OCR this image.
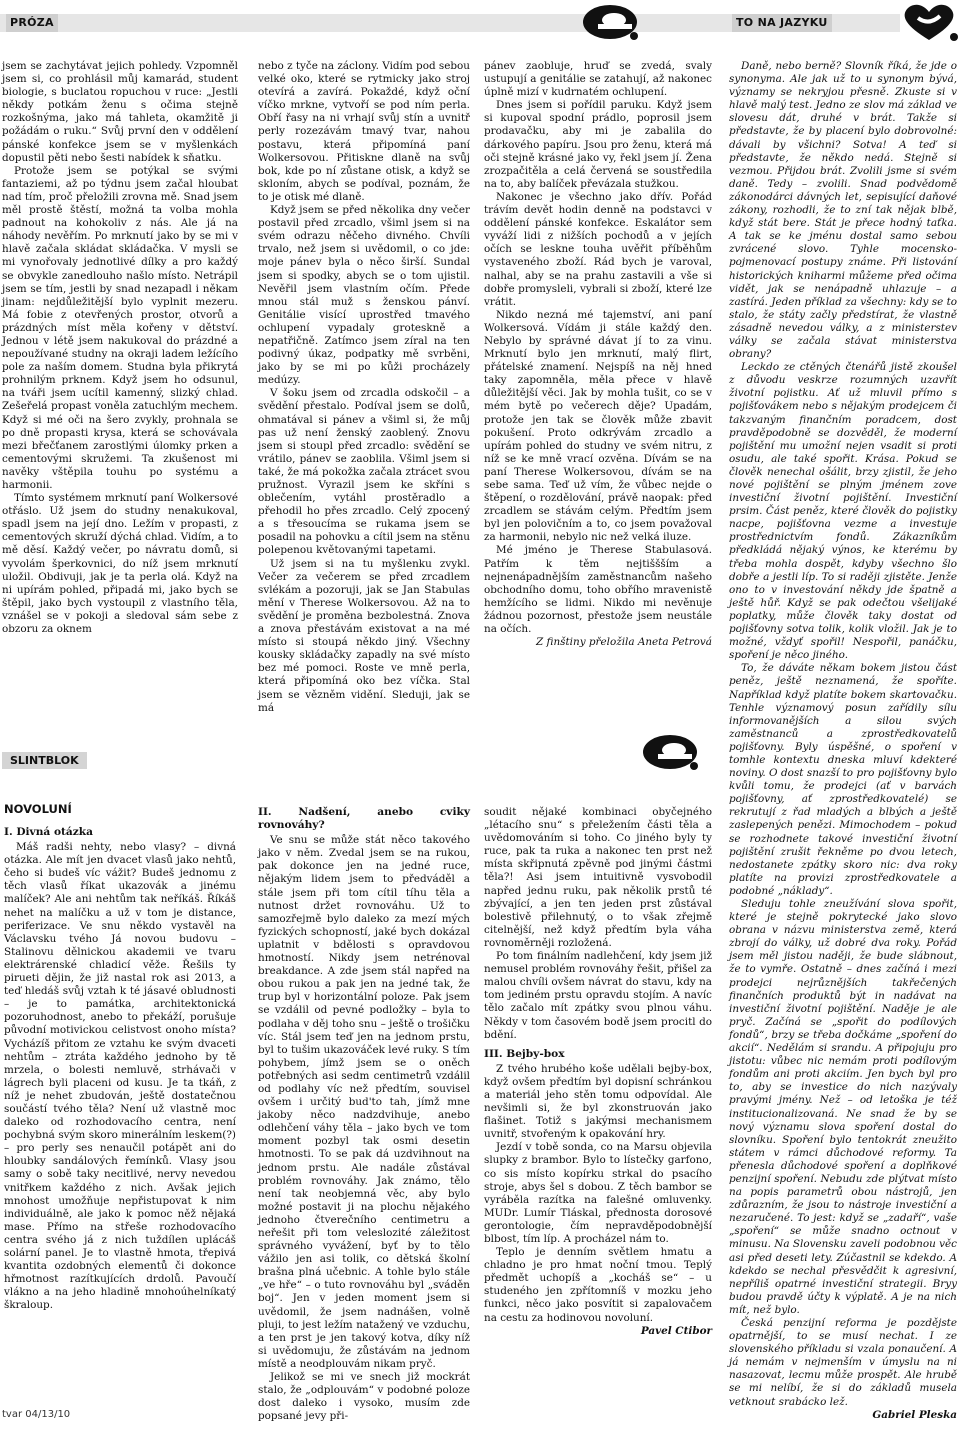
PRÓZA	TO NA JAZYKU

jsem se zachytávat jejich pohledy. Vzpomněl jsem si, co prohlásil můj kamarád, student biologie, s buclatou ropuchou v ruce: „Jestli někdy potkám ženu s očima stejně rozkošnýma, jako má tahleta, okamžitě ji požádám o ruku.“ Svůj první den v oddělení pánské konfekce jsem se v myšlenkách dopustil pěti nebo šesti nabídek k sňatku.

Protože jsem se potýkal se svými fantaziemi, až po týdnu jsem začal hloubat nad tím, proč přeložili zrovna mě. Snad jsem měl prostě štěstí, možná ta volba mohla padnout na kohokoliv z nás. Ale já na náhody nevěřím. Po mrknutí jako by se mi v hlavě začala skládat skládačka. V mysli se mi vynořovaly jednotlivé dílky a pro každý se obvykle zanedlouho našlo místo. Netrápil jsem se tím, jestli by snad nezapadl i někam jinam: nejdůležitější bylo vyplnit mezeru. Má fobie z otevřených prostor, otvorů a prázdných míst měla kořeny v dětství. Jednou v létě jsem nakukoval do prázdné a nepoužívané studny na okraji ladem ležícího pole za naším domem. Studna byla přikrytá prohnilým prknem. Když jsem ho odsunul, na tváři jsem ucítil kamenný, slizký chlad. Zešeřelá propast voněla zatuchlým mechem. Když si mé oči na šero zvykly, prohnala se po dně propasti krysa, která se schovávala mezi břečťanem zarostlými úlomky prken a cementovými skružemi. Ta zkušenost mi navěky vštěpila touhu po systému a harmonii.

Tímto systémem mrknutí paní Wolkersové otřáslo. Už jsem do studny nenakukoval, spadl jsem na její dno. Ležím v propasti, z cementových skruží dýchá chlad. Vidím, a to mě děsí. Každý večer, po návratu domů, si vyvolám šperkovnici, do níž jsem mrknutí uložil. Obdivuji, jak je ta perla olá. Když na ni upírám pohled, připadá mi, jako bych se štěpil, jako bych vystoupil z vlastního těla, vznášel se v pokoji a sledoval sám sebe z obzoru za oknem

nebo z tyče na záclony. Vidím pod sebou velké oko, které se rytmicky jako stroj otevírá a zavírá. Pokaždé, když oční víčko mrkne, vytvoří se pod ním perla. Obří řasy na ni vrhají svůj stín a uvnitř perly rozezávám tmavý tvar, nahou postavu, která připomíná paní Wolkersovou. Přitiskne dlaně na svůj bok, kde po ní zůstane otisk, a když se skloním, abych se podíval, poznám, že to je otisk mé dlaně.

Když jsem se před několika dny večer postavil před zrcadlo, všiml jsem si na svém odrazu něčeho divného. Chvíli trvalo, než jsem si uvědomil, o co jde: moje pánev byla o něco širší. Sundal jsem si spodky, abych se o tom ujistil. Nevěřil jsem vlastním očím. Přede mnou stál muž s ženskou pánví. Genitálie visící uprostřed tmavého ochlupení vypadaly groteskně a nepatřičně. Zatímco jsem zíral na ten podivný úkaz, podpatky mě svrběni, jako by se mi po kůži procházely medúzy.

V šoku jsem od zrcadla odskočil – a svědění přestalo. Podíval jsem se dolů, ohmatával si pánev a všiml si, že můj pas už není ženský zaoblený. Znovu jsem si stoupl před zrcadlo: svědění se vrátilo, pánev se zaoblila. Všiml jsem si také, že má pokožka začala ztrácet svou pružnost. Vyrazil jsem ke skříni s oblečením, vytáhl prostěradlo a přehodil ho přes zrcadlo. Celý zpocený a s třesoucíma se rukama jsem se posadil na pohovku a cítil jsem na stěnu polepenou květovanými tapetami.

Už jsem si na tu myšlenku zvykl. Večer za večerem se před zrcadlem svlékám a pozoruji, jak se Jan Stabulas mění v Therese Wolkersovou. Až na to svědění je proměna bezbolestná. Znova a znova přestávám existovat a na mé místo si stoupá někdo jiný. Všechny kousky skládačky zapadly na své místo bez mé pomoci. Roste ve mně perla, která připomíná oko bez víčka. Stal jsem se vězněm vidění. Sleduji, jak se má

pánev zaobluje, hruď se zvedá, svaly ustupují a genitálie se zatahují, až nakonec úplně mizí v kudrnatém ochlupení.

Dnes jsem si pořídil paruku. Když jsem si kupoval spodní prádlo, poprosil jsem prodavačku, aby mi je zabalila do dárkového papíru. Jsou pro ženu, která má oči stejně krásné jako vy, řekl jsem jí. Žena zrozpačitěla a celá červená se soustředila na to, aby balíček převázala stužkou.

Nakonec je všechno jako dřív. Pořád trávím devět hodin denně na podstavci v oddělení pánské konfekce. Eskalátor sem vyváží lidi z nižších pochodů a v jejích očích se leskne touha uvěřit příběhům vystaveného zboží. Rád bych je varoval, nalhal, aby se na prahu zastavili a vše si dobře promysleli, vybrali si zboží, které lze vrátit.

Nikdo nezná mé tajemství, ani paní Wolkersová. Vídám ji stále každý den. Nebylo by správné dávat jí to za vinu. Mrknutí bylo jen mrknutí, malý flirt, přátelské znamení. Nejspíš na něj hned taky zapomněla, měla přece v hlavě důležitější věci. Jak by mohla tušit, co se v mém bytě po večerech děje? Upadám, protože jen tak se člověk může zbavit pokušení. Proto odkrývám zrcadlo a upírám pohled do studny ve svém nitru, z níž se ke mně vrací ozvěna. Dívám se na paní Therese Wolkersovou, dívám se na sebe sama. Teď už vím, že vůbec nejde o štěpení, o rozdělování, právě naopak: před zrcadlem se stávám celým. Předtím jsem byl jen polovičním a to, co jsem považoval za harmonii, nebylo nic než velká iluze.

Mé jméno je Therese Stabulasová. Patřím k těm nejtiššším a nejnenápadnějším zaměstnancům našeho obchodního domu, toho obřího mravenistě hemžícího se lidmi. Nikdo mi nevěnuje žádnou pozornost, přestože jsem neustále na očích.

Z finštiny přeložila Aneta Petrová

SLINTBLOK
NOVOLUNÍ
I. Divná otázka

Máš radši nehty, nebo vlasy? – divná otázka. Ale mít jen dvacet vlasů jako nehtů, čeho si budeš víc vážit? Budeš jednomu z těch vlasů říkat ukazovák a jinému malíček? Ale ani nehtům tak neříkáš. Říkáš nehet na malíčku a už v tom je distance, periferizace. Ve snu někdo vystavěl na Václavsku tvého Já novou budovu – Stalinovu dělnickou akademii ve tvaru elektrárenské chladicí věže. Řešils ty pirueti dějin, že již nastal rok asi 2013, a teď hledáš svůj vztah k té jásavé obludnosti – je to památka, architektonická pozoruhodnost, anebo to překáží, porušuje původní motivickou celistvost onoho místa? Vycházíš přitom ze vztahu ke svým dvaceti nehtům – ztráta každého jednoho by tě mrzela, o bolesti nemluvě, strhávači v lágrech byli placeni od kusu. Je ta tkáň, z níž je nehet zbudován, ještě dostatečnou součástí tvého těla? Není už vlastně moc daleko od rozhodovacího centra, není pochybná svým skoro minerálním leskem(?) – pro perly ses nenaučil potápět ani do hloubky sandálových řemínků. Vlasy jsou samy o sobě taky necitlivé, nervy nevedou vnitřkem každého z nich. Avšak jejich mnohost umožňuje nepřistupovat k nim individuálně, ale jako k pomoc něž nějaká mase. Přímo na střeše rozhodovacího centra svého já z nich tuždílen uplácáš solární panel. Je to vlastně hmota, třepivá kvantita ozdobných elementů či dokonce hřmotnost razítkujících drdolů. Pavoučí vlákno a na jeho hladině mnohoúhelníkatý škraloup.

II. Nadšení, anebo cviky rovnováhy?

Ve snu se může stát něco takového jako v něm. Zvedal jsem se na rukou, pak dokonce jen na jedné ruce, nějakým lidem jsem to předváděl a stále jsem při tom cítil tíhu těla a nutnost držet rovnováhu. Už to samozřejmě bylo daleko za mezí mých fyzických schopností, jaké bych dokázal uplatnit v bdělosti s opravdovou hmotností. Nikdy jsem netrénoval breakdance. A zde jsem stál napřed na obou rukou a pak jen na jedné tak, že trup byl v horizontální poloze. Pak jsem se vzdálil od pevné podložky – byla to podlaha v děj toho snu – ještě o trošičku víc. Stál jsem teď jen na jednom prstu, byl to tušim ukazováček levé ruky. S tím pohybem, jímž jsem se o oněch potřebných asi sedm centimetrů vzdálil od podlahy víc než předtím, souvisel ovšem i určitý bud'to tah, jímž mne jakoby něco nadzdvihuje, anebo odlehčení váhy těla – jako bych ve tom moment pozbyl tak osmi desetin hmotnosti. To se pak dá uzdvihnout na jednom prstu. Ale nadále zůstával problém rovnováhy. Jak známo, tělo není tak neobjemná věc, aby bylo možné postavit ji na plochu nějakého jednoho čtverečního centimetru a neřešit při tom veleslozité záležitost správného vyvážení, byť by to tělo vážilo jen asi tolik, co dětská školní brašna plná učebnic. A tohle bylo stále „ve hře“ – o tuto rovnováhu byl „sváděn boj“. Jen v jeden moment jsem si uvědomil, že jsem nadnášen, volně pluji, to jest ležím natažený ve vzduchu, a ten prst je jen takový kotva, díky níž si uvědomuju, že zůstávám na jednom místě a neodplouvám nikam pryč.

Jelikož se mi ve snech již mockrát stalo, že „odplouvám“ v podobné poloze dost daleko i vysoko, musím zde popsané jevy při-

soudit nějaké kombinaci obyčejného „létacího snu“ s přeležením části těla a uvědomováním si toho. Co jiného byly ty ruce, pak ta ruka a nakonec ten prst než místa skřipnutá zpěvně pod jinými částmi těla?! Asi jsem intuitivně vysvobodil napřed jednu ruku, pak několik prstů té zbývající, a jen ten jeden prst zůstával bolestivě přilehnutý, o to však zřejmě citelnější, než když předtím byla váha rovnoměrněji rozložená.

Po tom finálním nadlehčení, kdy jsem již nemusel problém rovnováhy řešit, přišel za malou chvíli ovšem návrat do stavu, kdy na tom jediném prstu opravdu stojím. A navíc tělo začalo mít zpátky svou plnou váhu. Někdy v tom časovém bodě jsem procitl do bdění.

III. Bejby-box

Z tvého hrubého koše udělali bejby-box, když ovšem předtím byl dopisní schránkou a materiál jeho stěn tomu odpovídal. Ale nevšimli si, že byl zkonstruován jako flašinet. Totiž s jakýmsi mechanismem uvnitř, stvořeným k opakování hry.

Jezdí v tobě sonda, co na Marsu objevila slupky z brambor. Bylo to lístečky garfono, co sis místo kopírku strkal do psacího stroje, abys šel s dobou. Z těch bambor se vyráběla razítka na falešné omluvenky. MUDr. Lumír Tláskal, přednosta dorosové gerontologie, čím nepravděpodobnější blbost, tím líp. A procházel nám to.

Teplo je denním světlem hmatu a chladno je pro hmat noční tmou. Teplý předmět uchopíš a „kocháš se“ – u studeného jen zpřítomníš v mozku jeho funkci, něco jako posvítit si zapalovačem na cestu za hodinovou novoluní.

Pavel Ctibor

Daně, nebo berně? Slovník říká, že jde o synonyma. Ale jak už to u synonym bývá, významy se nekryjou přesně. Zkuste si v hlavě malý test. Jedno ze slov má základ ve slovesu dát, druhé v brát. Takže si představte, že by placení bylo dobrovolné: dávali by všichni? Sotva! A teď si představte, že někdo nedá. Stejně si vezmou. Přijdou brát. Zvolili jsme si svém daně. Tedy – zvolili. Snad podvědomě zákonodárci dávných let, sepisující daňové zákony, rozhodli, že to zní tak nějak blbě, když stát bere. Stát je přece hodný taťka. A tak se ke jménu dostal samo sebou zvrácené slovo. Tyhle mocensko-pojmenovací postupy známe. Při listování historických kniharmi můžeme před očima vidět, jak se nenápadně uhlazuje – a zastírá. Jeden příklad za všechny: kdy se to stalo, že státy začly předstírat, že vlastně zásadně nevedou války, a z ministerstev války se začala stávat ministerstva obrany?

Leckdo ze ctěných čtenářů jistě zkoušel z důvodu veskrze rozumných uzavřít životní pojistku. Ať už mluvil přímo s pojišťovákem nebo s nějakým prodejcem či takzvaným finančním poradcem, dost pravděpodobně se dozvěděl, že moderní pojištění mu umožní nejen vsadit si proti osudu, ale také spořit. Krása. Pokud se člověk nenechal ošálit, brzy zjistil, že jeho nové pojištění se plným jménem zove investiční životní pojištění. Investiční prsim. Část peněz, které člověk do pojistky nacpe, pojišťovna vezme a investuje prostřednictvím fondů. Zákazníkům předkládá nějaký výnos, ke kterému by třeba mohla dospět, kdyby všechno šlo dobře a jestli líp. To si raději zjistěte. Jenže ono to v investování někdy jde špatně a ještě hůř. Když se pak odečtou všelijaké poplatky, může člověk taky dostat od pojišťovny sotva tolik, kolik vložil. Jak je to možné, vždyť spořil! Nespořil, panáčku, spoření je něco jiného.

To, že dáváte někam bokem jistou část peněz, ještě neznamená, že spoříte. Například když platíte bokem skartovačku. Tenhle významový posun zařídily sílu informovanějších a silou svých zaměstnanců a zprostředkovatelů pojišťovny. Byly úspěšné, o spoření v tomhle kontextu dneska mluví kdekteré noviny. O dost snazší to pro pojišťovny bylo kvůli tomu, že prodejci (ať v barvách pojišťovny, ať zprostředkovatelé) se rekrutují z řad mladých a blbých a ještě zaslepených penězi. Mimochodem – pokud se rozhodnete takové investiční životní pojištění zrušit řekněme po dvou letech, nedostanete zpátky skoro nic: dva roky platíte na provizi zprostředkovatele a podobné „náklady“.

Sleduju tohle zneužívání slova spořit, které je stejně pokrytecké jako slovo obrana v názvu ministerstva země, která zbrojí do války, už dobré dva roky. Pořád jsem měl jistou naději, že bude slábnout, že to vymře. Ostatně – dnes začíná i mezi prodejci nejrůznějších takřečených finančních produktů být in nadávat na investiční životní pojištění. Naděje je ale pryč. Začíná se „spořit do podílových fondů“, brzy se třeba dočkáme „spoření do akcií“. Nedělám si srandu. A připojuju pro jistotu: vůbec nic nemám proti podílovým fondům ani proti akciím. Jen bych byl pro to, aby se investice do nich nazývaly pravými jmény. Než – od letoška je též institucionalizovaná. Ne snad že by se nový významu slova spoření dostal do slovníku. Spoření bylo tentokrát zneužito státem v rámci důchodové reformy. Ta přenesla důchodové spoření a doplňkové penzijní spoření. Nebudu zde plýtvat místo na popis parametrů obou nástrojů, jen zdůrazním, že jsou to nástroje investiční a nezaručené. To jest: když se „zadaří“, vaše „spoření“ se může snadno octnout v minusu. Na Slovensku zaveli podobnou věc asi před deseti lety. Zúčastnil se kdekdo. A kdekdo se nechal přesvědčit k agresivní, nepříliš opatrné investiční strategii. Bryy budou pravdě účty k výplatě. A je na nich mít, než bylo.

Česká penzijní reforma je pozdějste opatrnější, to se musí nechat. I ze slovenského příkladu si vzala ponaučení. A já nemám v nejmenším v úmyslu na ni nasazovat, lecmu může prospět. Ale hrubě se mi nelíbí, že si do základů musela vetknout srabácko lež.

Gabriel Pleska

tvar 04/13/10
